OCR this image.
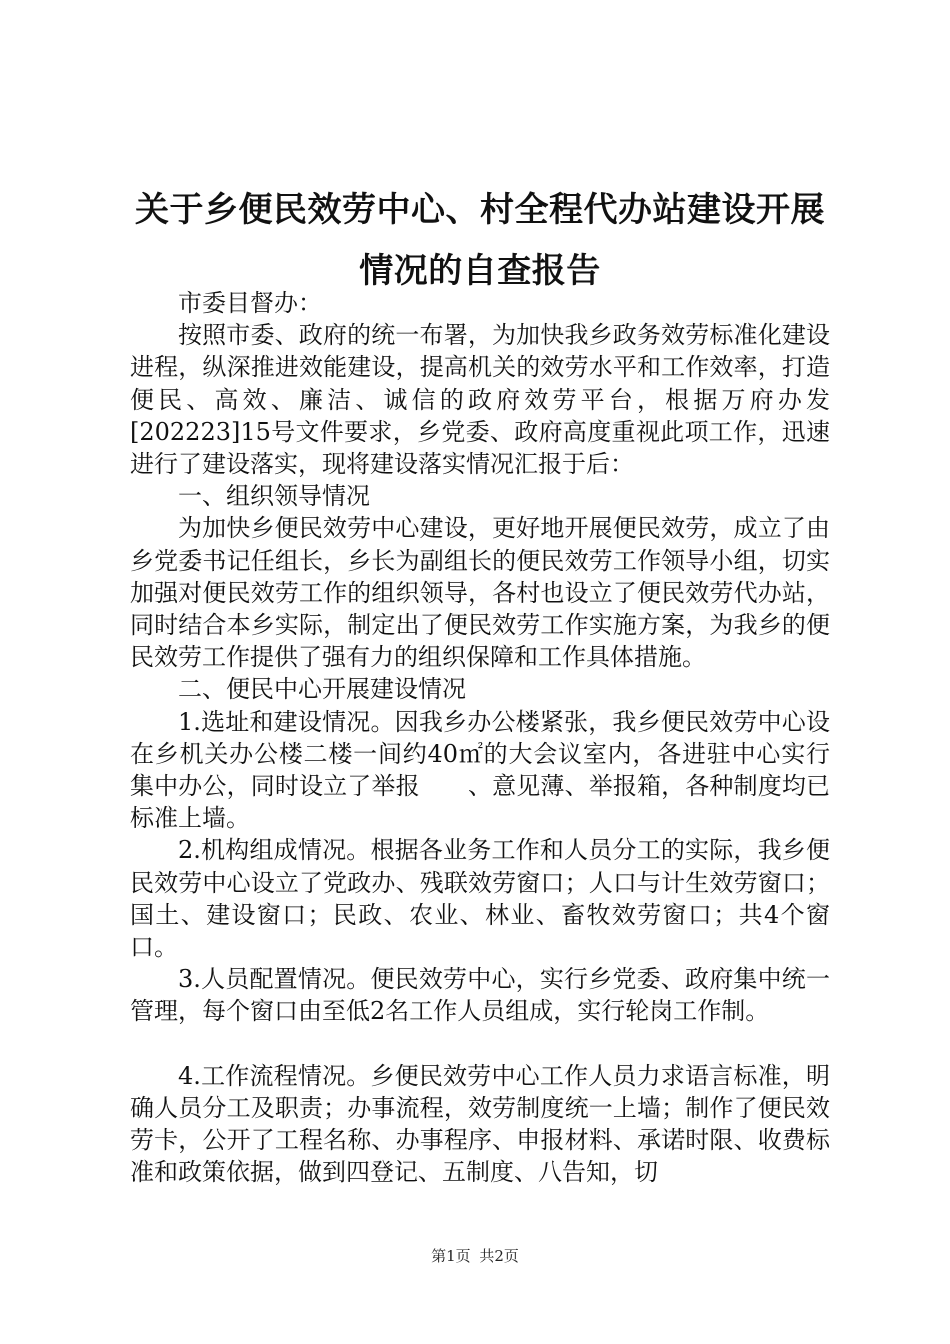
关于乡便民效劳中心、村全程代办站建设开展
情况的自查报告

市委目督办：

按照市委、政府的统一布署，为加快我乡政务效劳标准化建设进程，纵深推进效能建设，提高机关的效劳水平和工作效率，打造便民、高效、廉洁、诚信的政府效劳平台，根据万府办发[202223]15号文件要求，乡党委、政府高度重视此项工作，迅速进行了建设落实，现将建设落实情况汇报于后：

一、组织领导情况

为加快乡便民效劳中心建设，更好地开展便民效劳，成立了由乡党委书记任组长，乡长为副组长的便民效劳工作领导小组，切实加强对便民效劳工作的组织领导，各村也设立了便民效劳代办站，同时结合本乡实际，制定出了便民效劳工作实施方案，为我乡的便民效劳工作提供了强有力的组织保障和工作具体措施。

二、便民中心开展建设情况

1.选址和建设情况。因我乡办公楼紧张，我乡便民效劳中心设在乡机关办公楼二楼一间约40㎡的大会议室内，各进驻中心实行集中办公，同时设立了举报　　、意见薄、举报箱，各种制度均已标准上墙。

2.机构组成情况。根据各业务工作和人员分工的实际，我乡便民效劳中心设立了党政办、残联效劳窗口；人口与计生效劳窗口；国土、建设窗口；民政、农业、林业、畜牧效劳窗口；共4个窗口。

3.人员配置情况。便民效劳中心，实行乡党委、政府集中统一管理，每个窗口由至低2名工作人员组成，实行轮岗工作制。

4.工作流程情况。乡便民效劳中心工作人员力求语言标准，明确人员分工及职责；办事流程，效劳制度统一上墙；制作了便民效劳卡，公开了工程名称、办事程序、申报材料、承诺时限、收费标准和政策依据，做到四登记、五制度、八告知，切

第1页 共2页
